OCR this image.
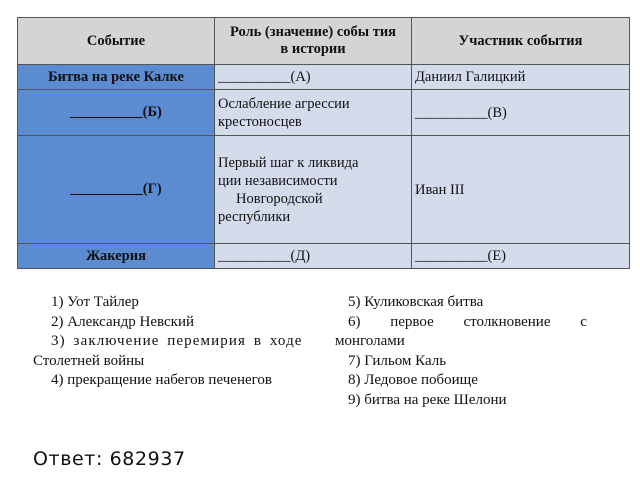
Событие	Роль (значение) собы тия в истории	Участник события
Битва на реке Калке	__________(А)	Даниил Галицкий
__________(Б)	Ослабление агрессии крестоносцев	__________(В)
__________(Г)	Первый шаг к ликвида
ции независимости
Новгородской
республики	Иван III
Жакерия	__________(Д)	__________(Е)
1) Уот Тайлер
2) Александр Невский
3) заключение перемирия в ходе
Столетней войны
4) прекращение набегов печенегов
5) Куликовская битва
6) первое столкновение с
монголами
7) Гильом Каль
8) Ледовое побоище
9) битва на реке Шелони
Ответ: 682937
